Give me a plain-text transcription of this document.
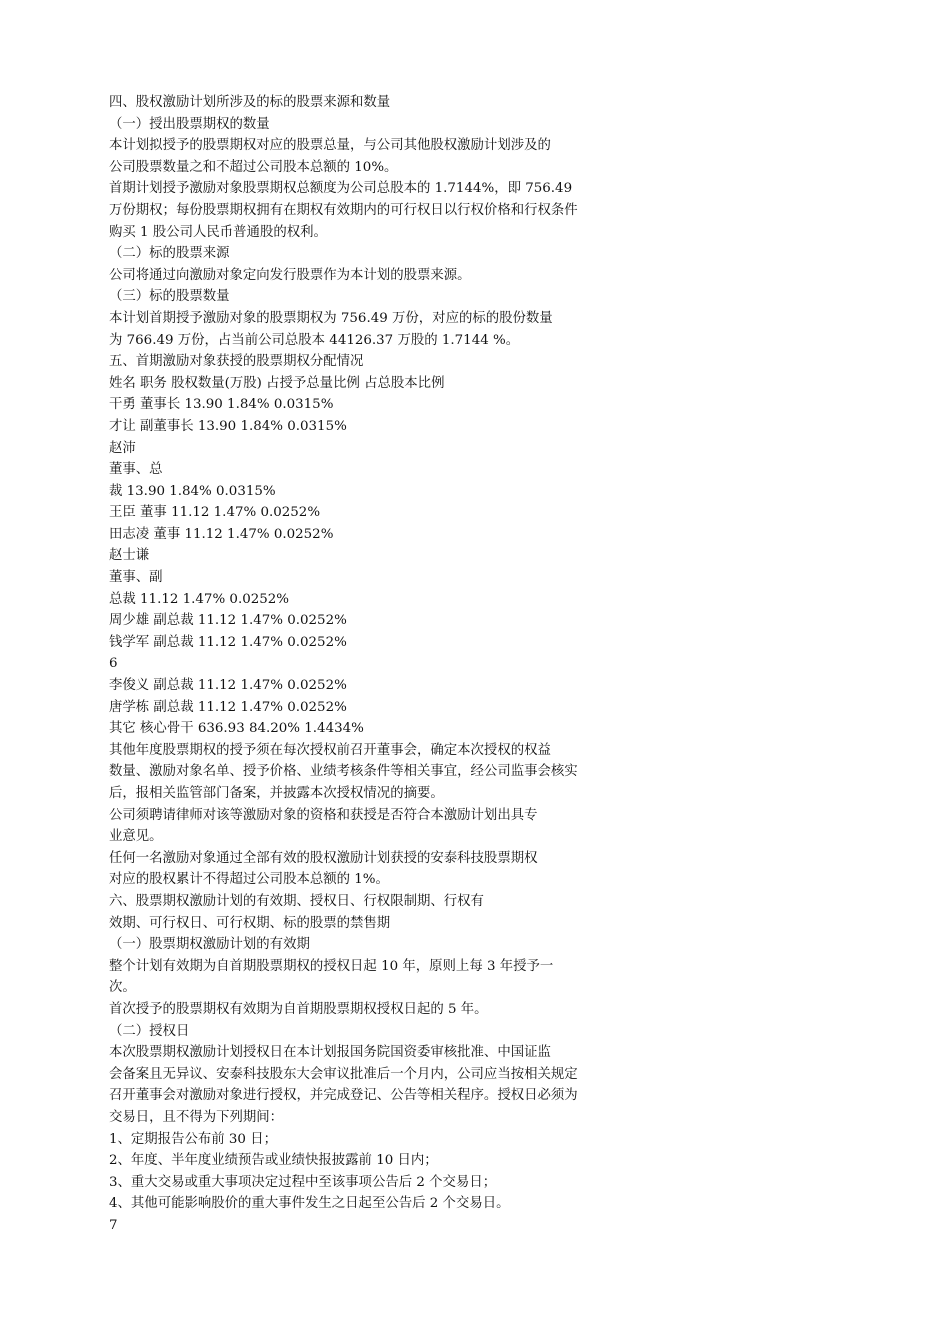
四、股权激励计划所涉及的标的股票来源和数量
（一）授出股票期权的数量
本计划拟授予的股票期权对应的股票总量，与公司其他股权激励计划涉及的
公司股票数量之和不超过公司股本总额的 10%。
首期计划授予激励对象股票期权总额度为公司总股本的 1.7144%，即 756.49
万份期权；每份股票期权拥有在期权有效期内的可行权日以行权价格和行权条件
购买 1 股公司人民币普通股的权利。
（二）标的股票来源
公司将通过向激励对象定向发行股票作为本计划的股票来源。
（三）标的股票数量
本计划首期授予激励对象的股票期权为 756.49 万份，对应的标的股份数量
为 766.49 万份，占当前公司总股本 44126.37 万股的 1.7144 %。
五、首期激励对象获授的股票期权分配情况
姓名 职务 股权数量(万股) 占授予总量比例 占总股本比例
干勇 董事长 13.90 1.84% 0.0315%
才让 副董事长 13.90 1.84% 0.0315%
赵沛
董事、总
裁 13.90 1.84% 0.0315%
王臣 董事 11.12 1.47% 0.0252%
田志凌 董事 11.12 1.47% 0.0252%
赵士谦
董事、副
总裁 11.12 1.47% 0.0252%
周少雄 副总裁 11.12 1.47% 0.0252%
钱学军 副总裁 11.12 1.47% 0.0252%
6
李俊义 副总裁 11.12 1.47% 0.0252%
唐学栋 副总裁 11.12 1.47% 0.0252%
其它 核心骨干 636.93 84.20% 1.4434%
其他年度股票期权的授予须在每次授权前召开董事会，确定本次授权的权益
数量、激励对象名单、授予价格、业绩考核条件等相关事宜，经公司监事会核实
后，报相关监管部门备案，并披露本次授权情况的摘要。
公司须聘请律师对该等激励对象的资格和获授是否符合本激励计划出具专
业意见。
任何一名激励对象通过全部有效的股权激励计划获授的安泰科技股票期权
对应的股权累计不得超过公司股本总额的 1%。
六、股票期权激励计划的有效期、授权日、行权限制期、行权有
效期、可行权日、可行权期、标的股票的禁售期
（一）股票期权激励计划的有效期
整个计划有效期为自首期股票期权的授权日起 10 年，原则上每 3 年授予一
次。
首次授予的股票期权有效期为自首期股票期权授权日起的 5 年。
（二）授权日
本次股票期权激励计划授权日在本计划报国务院国资委审核批准、中国证监
会备案且无异议、安泰科技股东大会审议批准后一个月内，公司应当按相关规定
召开董事会对激励对象进行授权，并完成登记、公告等相关程序。授权日必须为
交易日，且不得为下列期间：
1、定期报告公布前 30 日；
2、年度、半年度业绩预告或业绩快报披露前 10 日内；
3、重大交易或重大事项决定过程中至该事项公告后 2 个交易日；
4、其他可能影响股价的重大事件发生之日起至公告后 2 个交易日。
7
